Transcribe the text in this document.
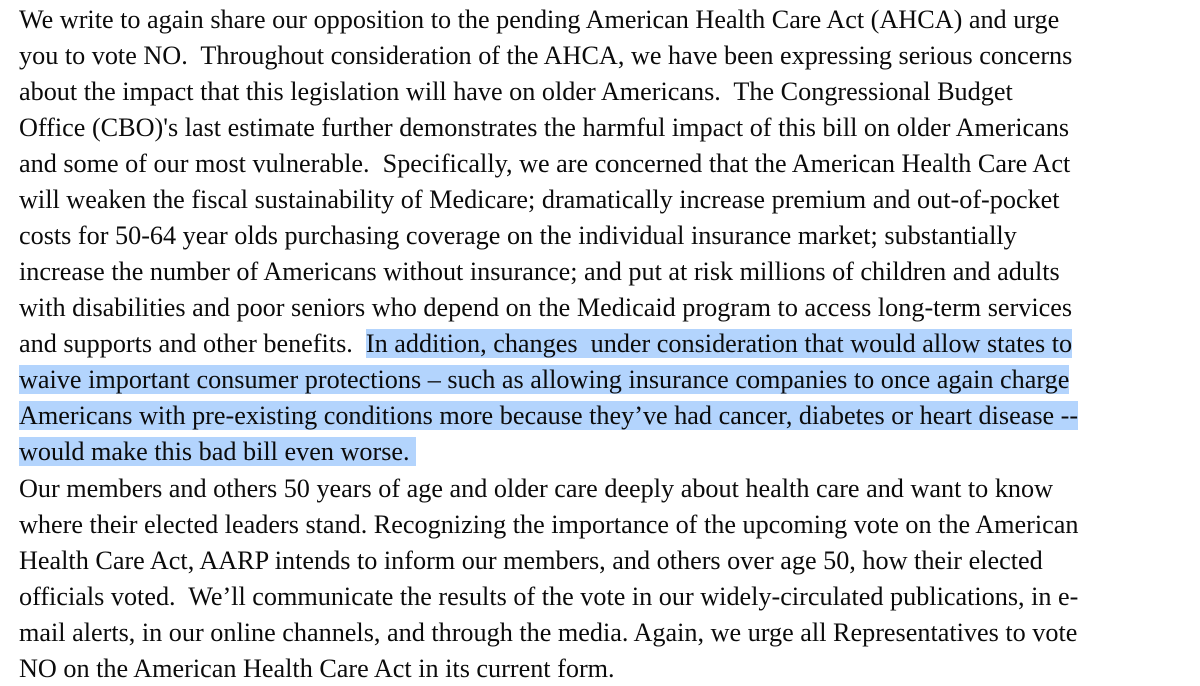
We write to again share our opposition to the pending American Health Care Act (AHCA) and urge
you to vote NO.  Throughout consideration of the AHCA, we have been expressing serious concerns
about the impact that this legislation will have on older Americans.  The Congressional Budget
Office (CBO)'s last estimate further demonstrates the harmful impact of this bill on older Americans
and some of our most vulnerable.  Specifically, we are concerned that the American Health Care Act
will weaken the fiscal sustainability of Medicare; dramatically increase premium and out-of-pocket
costs for 50-64 year olds purchasing coverage on the individual insurance market; substantially
increase the number of Americans without insurance; and put at risk millions of children and adults
with disabilities and poor seniors who depend on the Medicaid program to access long-term services
and supports and other benefits.  In addition, changes  under consideration that would allow states to
waive important consumer protections – such as allowing insurance companies to once again charge
Americans with pre-existing conditions more because they’ve had cancer, diabetes or heart disease --
would make this bad bill even worse.
Our members and others 50 years of age and older care deeply about health care and want to know
where their elected leaders stand. Recognizing the importance of the upcoming vote on the American
Health Care Act, AARP intends to inform our members, and others over age 50, how their elected
officials voted.  We’ll communicate the results of the vote in our widely-circulated publications, in e-
mail alerts, in our online channels, and through the media. Again, we urge all Representatives to vote
NO on the American Health Care Act in its current form.
